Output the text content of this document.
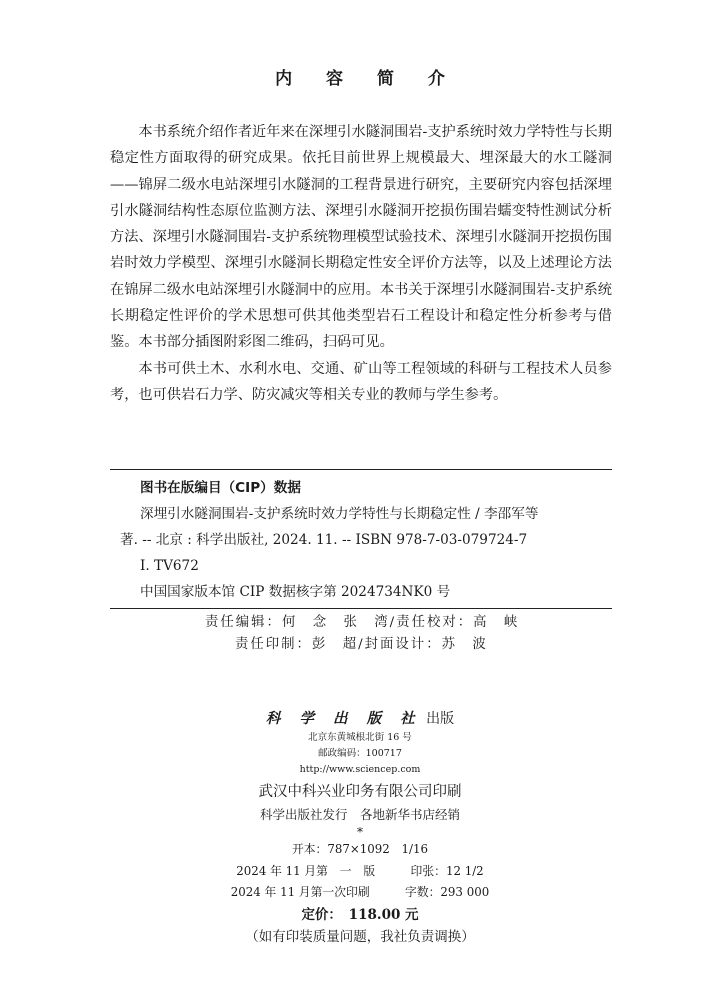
内 容 简 介

本书系统介绍作者近年来在深埋引水隧洞围岩-支护系统时效力学特性与长期稳定性方面取得的研究成果。依托目前世界上规模最大、埋深最大的水工隧洞——锦屏二级水电站深埋引水隧洞的工程背景进行研究，主要研究内容包括深埋引水隧洞结构性态原位监测方法、深埋引水隧洞开挖损伤围岩蠕变特性测试分析方法、深埋引水隧洞围岩-支护系统物理模型试验技术、深埋引水隧洞开挖损伤围岩时效力学模型、深埋引水隧洞长期稳定性安全评价方法等，以及上述理论方法在锦屏二级水电站深埋引水隧洞中的应用。本书关于深埋引水隧洞围岩-支护系统长期稳定性评价的学术思想可供其他类型岩石工程设计和稳定性分析参考与借鉴。本书部分插图附彩图二维码，扫码可见。

本书可供土木、水利水电、交通、矿山等工程领域的科研与工程技术人员参考，也可供岩石力学、防灾减灾等相关专业的教师与学生参考。

图书在版编目（CIP）数据
深埋引水隧洞围岩-支护系统时效力学特性与长期稳定性 / 李邵军等
著. -- 北京 : 科学出版社, 2024. 11. -- ISBN 978-7-03-079724-7
I. TV672
中国国家版本馆 CIP 数据核字第 2024734NK0 号
责任编辑：何　念　张　湾/责任校对：高　峡
责任印制：彭　超/封面设计：苏　波
科 学 出 版 社 出版
北京东黄城根北街 16 号
邮政编码：100717
http://www.sciencep.com
武汉中科兴业印务有限公司印刷
科学出版社发行　各地新华书店经销
*
开本：787×1092　1/16
2024 年 11 月第　一　版　　　印张：12 1/2
2024 年 11 月第一次印刷　　　字数：293 000
定价：　118.00 元
（如有印装质量问题，我社负责调换）
